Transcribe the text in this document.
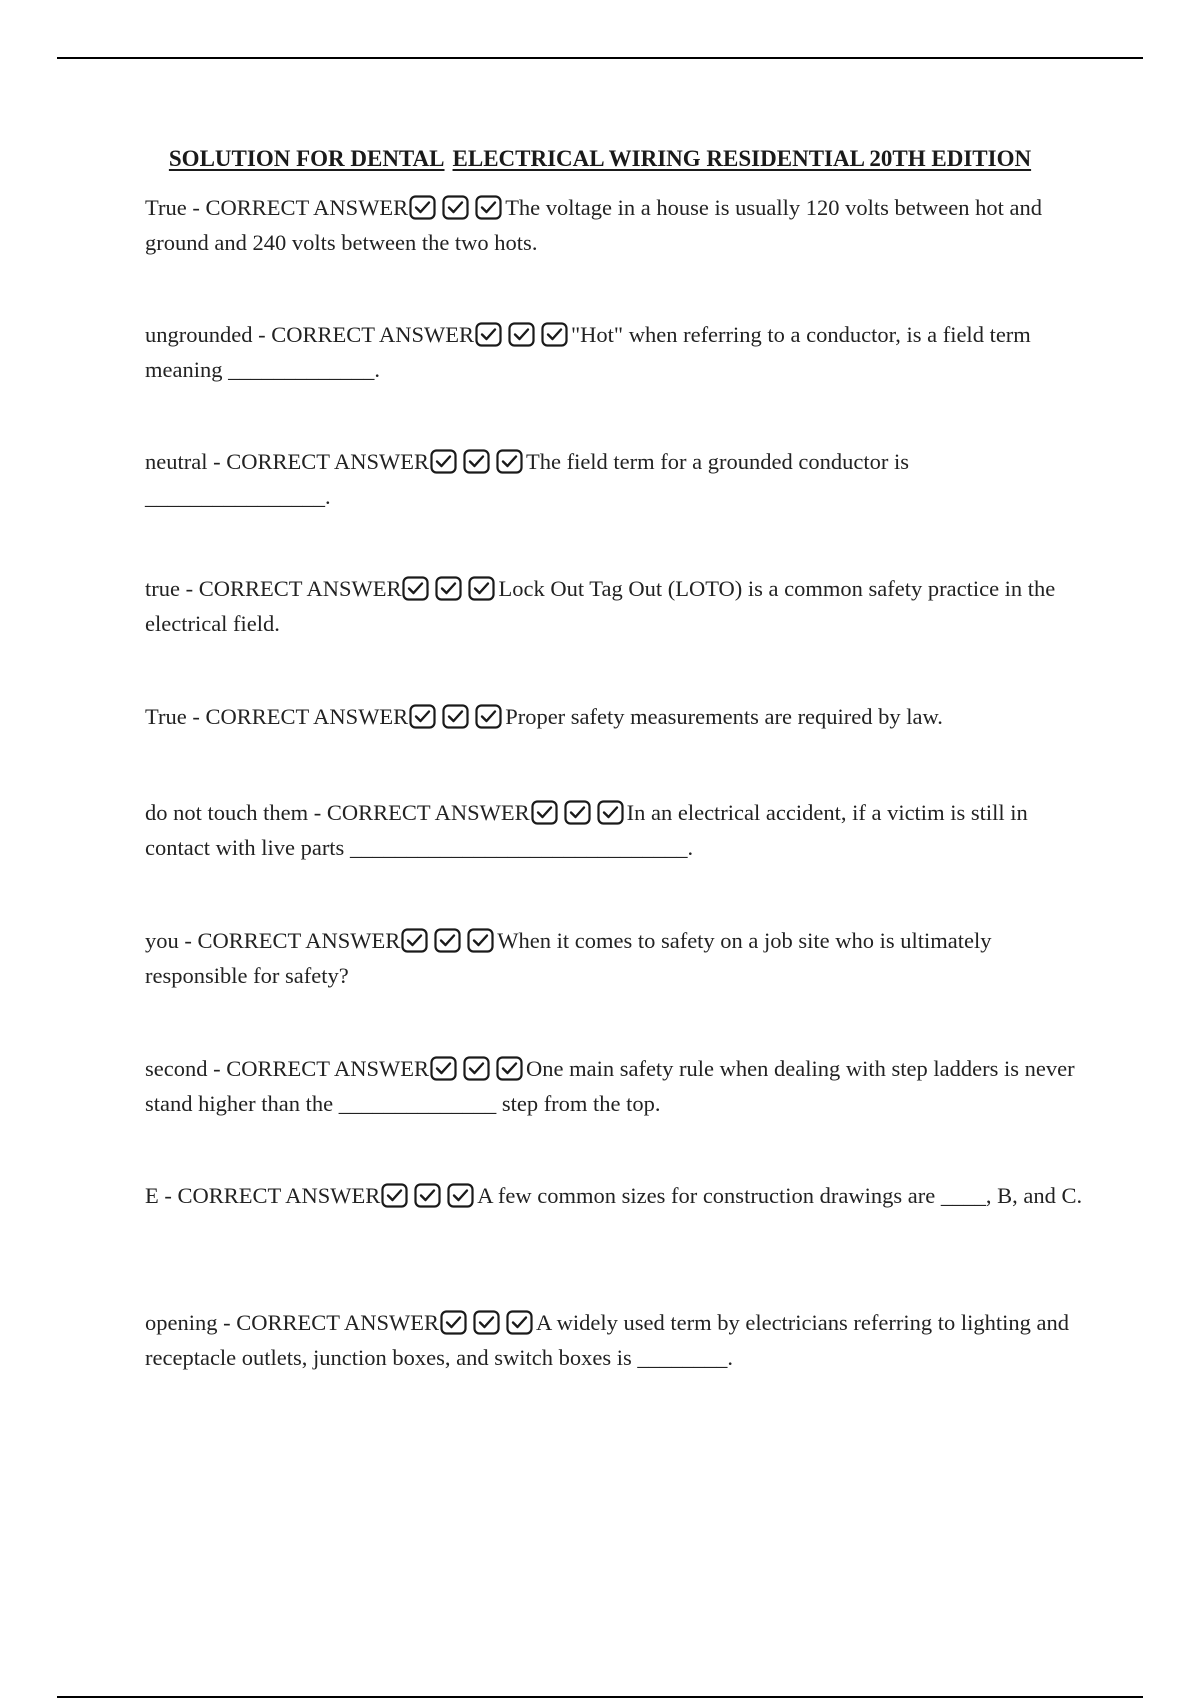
SOLUTION FOR DENTAL ELECTRICAL WIRING RESIDENTIAL 20TH EDITION
True - CORRECT ANSWER	The voltage in a house is usually 120 volts between hot and ground and 240 volts between the two hots.
ungrounded - CORRECT ANSWER	"Hot" when referring to a conductor, is a field term meaning _____________.
neutral - CORRECT ANSWER	The field term for a grounded conductor is ________________.
true - CORRECT ANSWER	Lock Out Tag Out (LOTO) is a common safety practice in the electrical field.
True - CORRECT ANSWER	Proper safety measurements are required by law.
do not touch them - CORRECT ANSWER	In an electrical accident, if a victim is still in contact with live parts ______________________________.
you - CORRECT ANSWER	When it comes to safety on a job site who is ultimately responsible for safety?
second - CORRECT ANSWER	One main safety rule when dealing with step ladders is never stand higher than the ______________ step from the top.
E - CORRECT ANSWER	A few common sizes for construction drawings are ____, B, and C.
opening - CORRECT ANSWER	A widely used term by electricians referring to lighting and receptacle outlets, junction boxes, and switch boxes is ________.
